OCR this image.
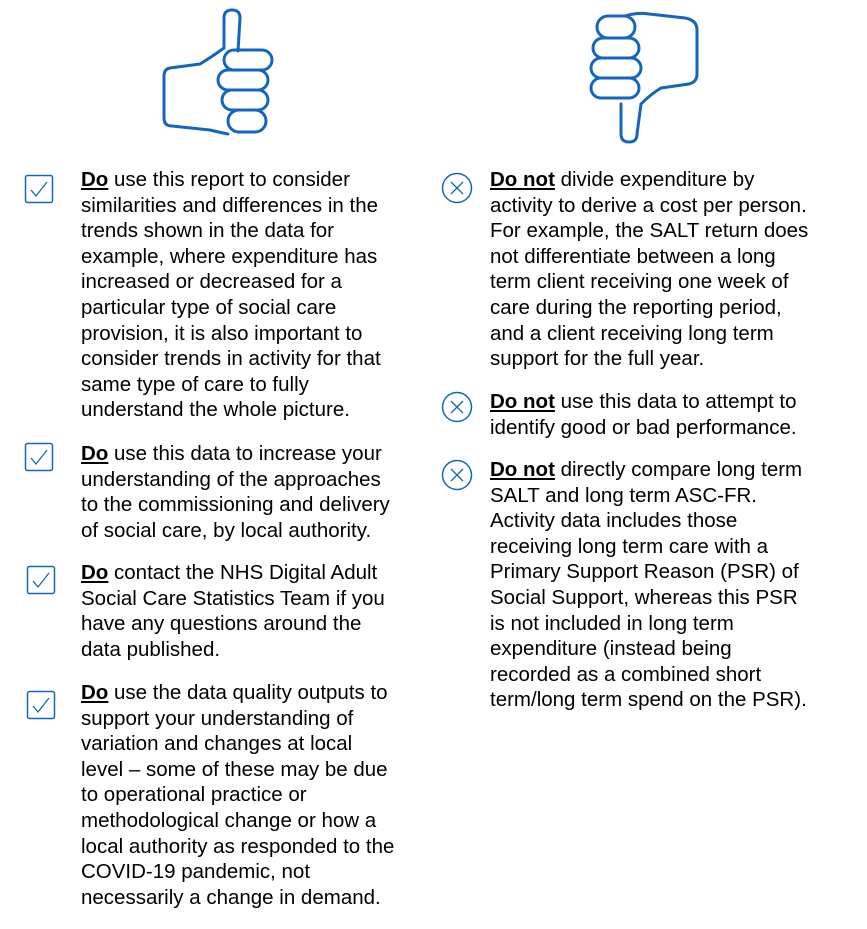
Do use this report to consider
similarities and differences in the
trends shown in the data for
example, where expenditure has
increased or decreased for a
particular type of social care
provision, it is also important to
consider trends in activity for that
same type of care to fully
understand the whole picture.
Do use this data to increase your
understanding of the approaches
to the commissioning and delivery
of social care, by local authority.
Do contact the NHS Digital Adult
Social Care Statistics Team if you
have any questions around the
data published.
Do use the data quality outputs to
support your understanding of
variation and changes at local
level – some of these may be due
to operational practice or
methodological change or how a
local authority as responded to the
COVID-19 pandemic, not
necessarily a change in demand.
Do not divide expenditure by
activity to derive a cost per person.
For example, the SALT return does
not differentiate between a long
term client receiving one week of
care during the reporting period,
and a client receiving long term
support for the full year.
Do not use this data to attempt to
identify good or bad performance.
Do not directly compare long term
SALT and long term ASC-FR.
Activity data includes those
receiving long term care with a
Primary Support Reason (PSR) of
Social Support, whereas this PSR
is not included in long term
expenditure (instead being
recorded as a combined short
term/long term spend on the PSR).
